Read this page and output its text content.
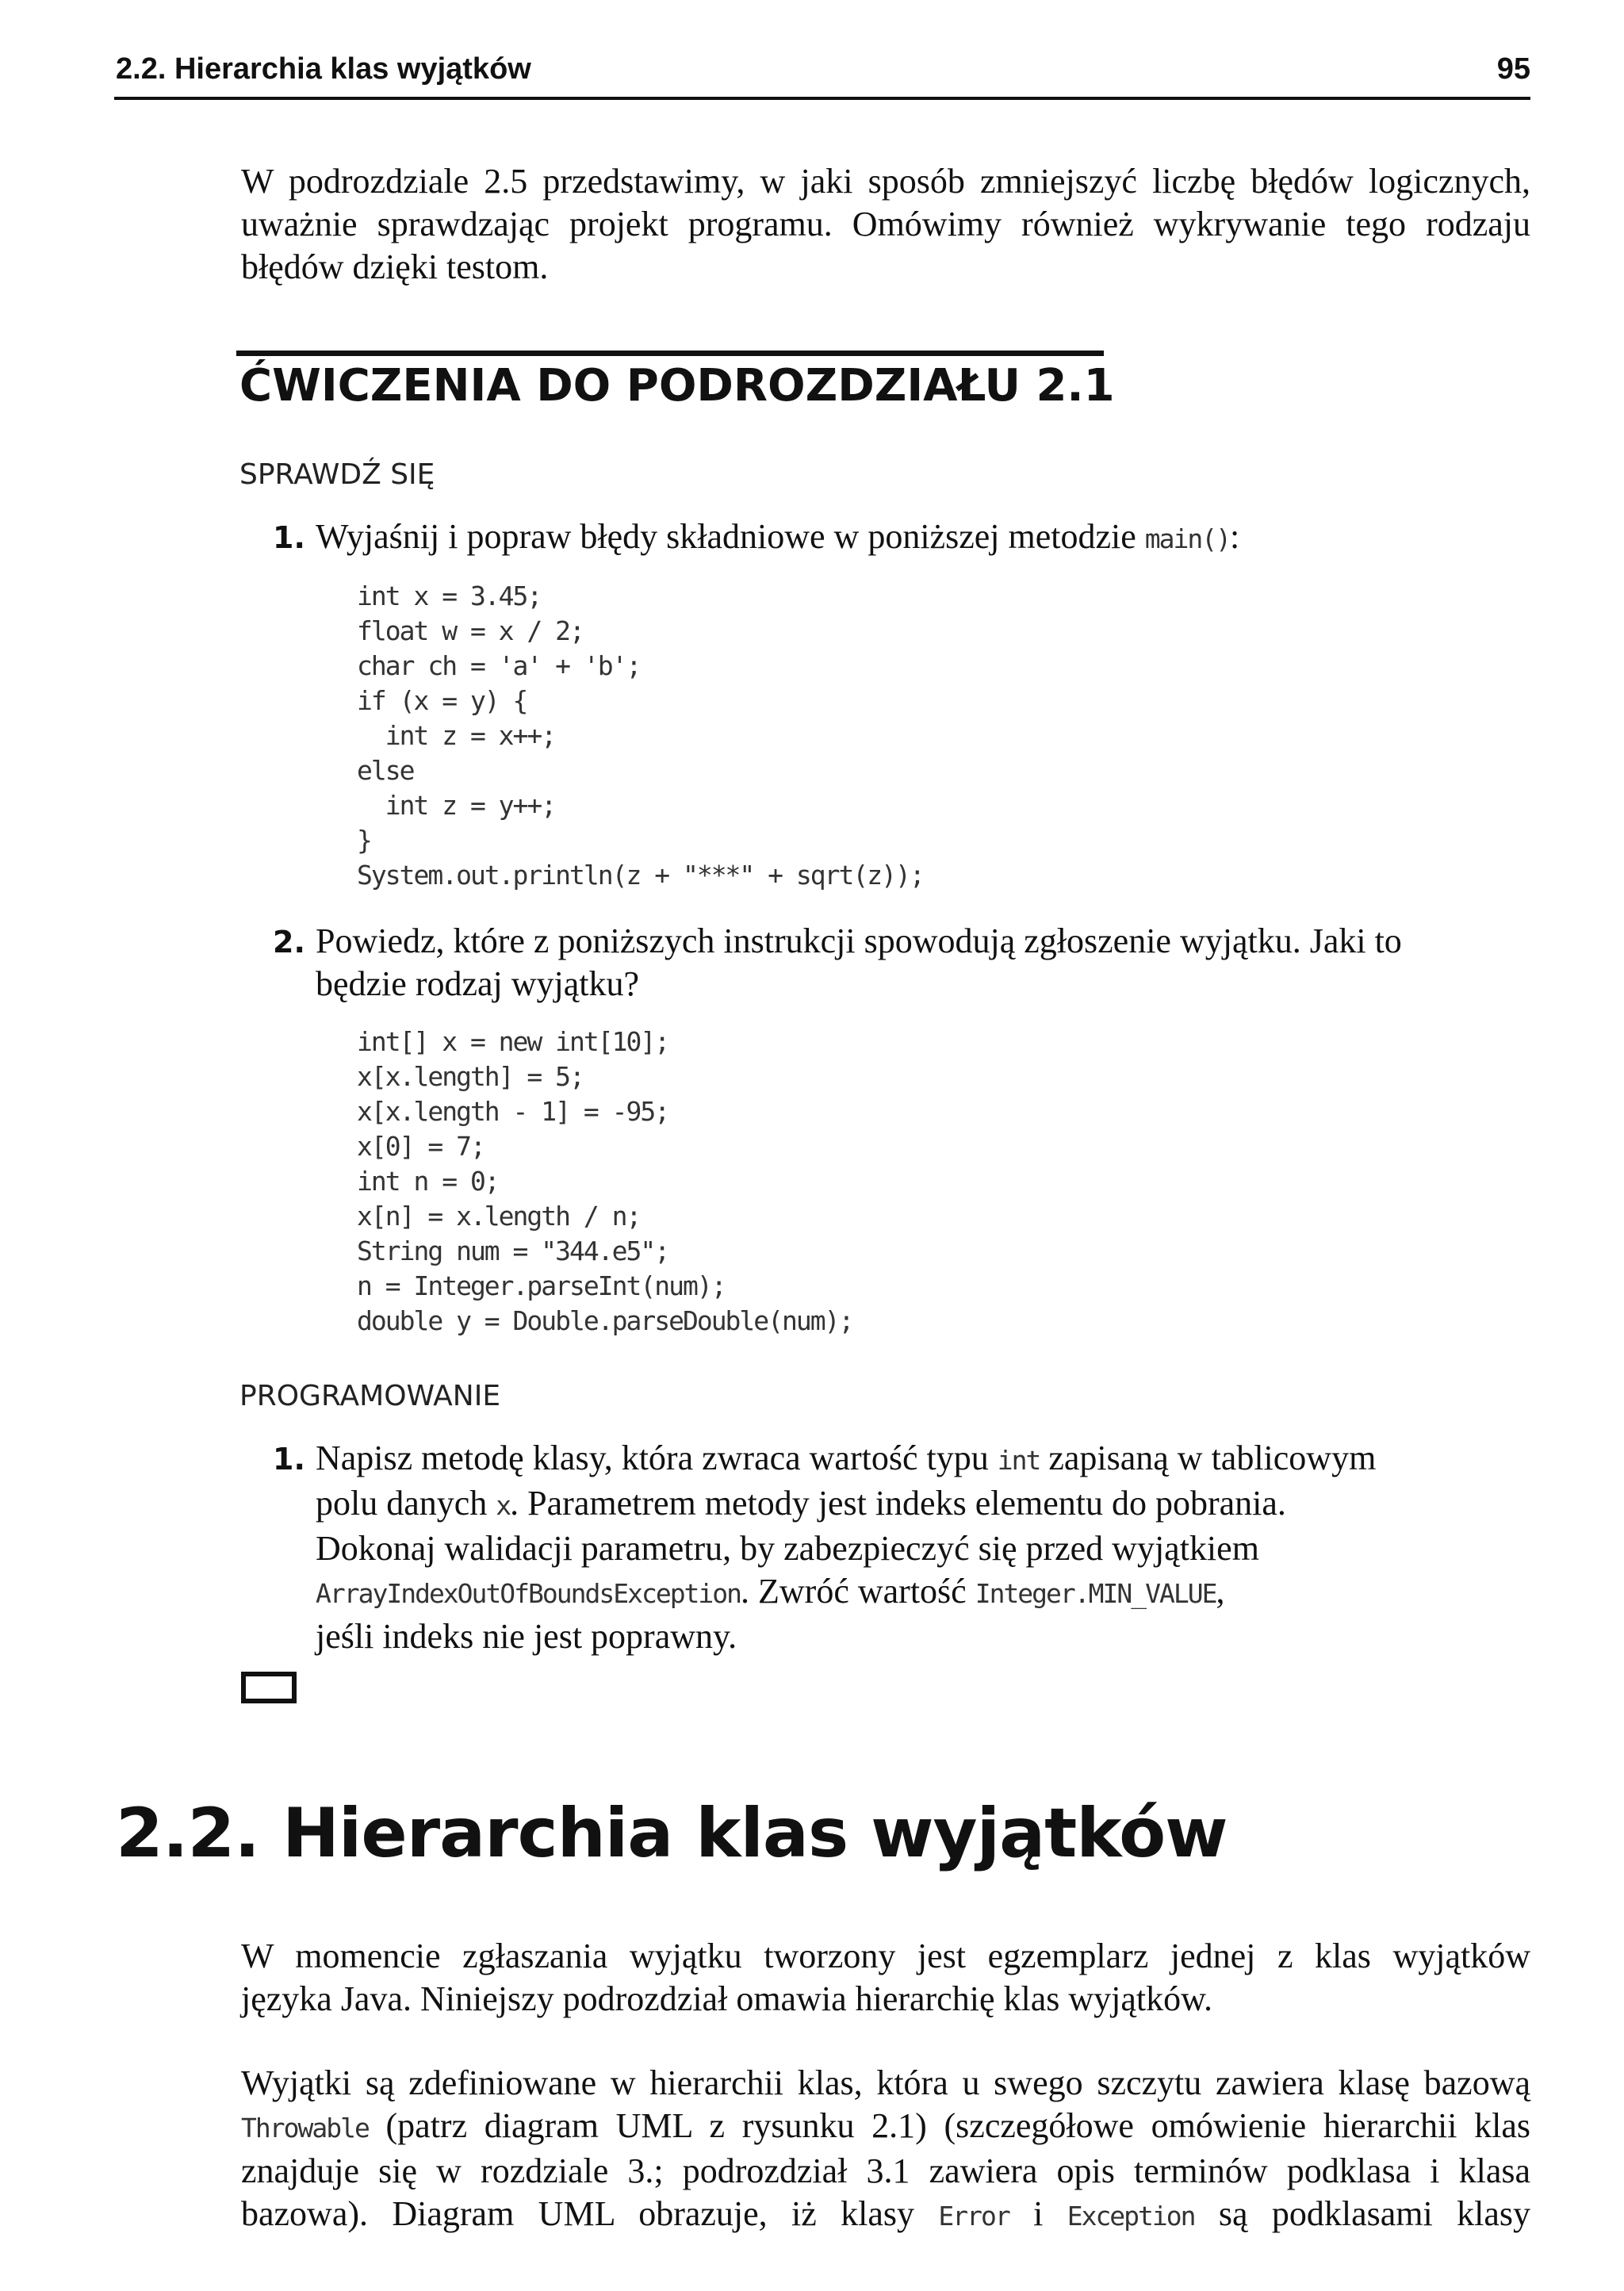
2.2. Hierarchia klas wyjątków	95
W podrozdziale 2.5 przedstawimy, w jaki sposób zmniejszyć liczbę błędów logicznych,
uważnie sprawdzając projekt programu. Omówimy również wykrywanie tego rodzaju
błędów dzięki testom.
ĆWICZENIA DO PODROZDZIAŁU 2.1
SPRAWDŹ SIĘ
1. Wyjaśnij i popraw błędy składniowe w poniższej metodzie main():
int x = 3.45;
float w = x / 2;
char ch = 'a' + 'b';
if (x = y) {
int z = x++;
else
int z = y++;
}
System.out.println(z + "***" + sqrt(z));
2. Powiedz, które z poniższych instrukcji spowodują zgłoszenie wyjątku. Jaki to
będzie rodzaj wyjątku?
int[] x = new int[10];
x[x.length] = 5;
x[x.length - 1] = -95;
x[0] = 7;
int n = 0;
x[n] = x.length / n;
String num = "344.e5";
n = Integer.parseInt(num);
double y = Double.parseDouble(num);
PROGRAMOWANIE
1. Napisz metodę klasy, która zwraca wartość typu int zapisaną w tablicowym
polu danych x. Parametrem metody jest indeks elementu do pobrania.
Dokonaj walidacji parametru, by zabezpieczyć się przed wyjątkiem
ArrayIndexOutOfBoundsException. Zwróć wartość Integer.MIN_VALUE,
jeśli indeks nie jest poprawny.
2.2. Hierarchia klas wyjątków
W momencie zgłaszania wyjątku tworzony jest egzemplarz jednej z klas wyjątków
języka Java. Niniejszy podrozdział omawia hierarchię klas wyjątków.
Wyjątki są zdefiniowane w hierarchii klas, która u swego szczytu zawiera klasę bazową
Throwable (patrz diagram UML z rysunku 2.1) (szczegółowe omówienie hierarchii klas
znajduje się w rozdziale 3.; podrozdział 3.1 zawiera opis terminów podklasa i klasa
bazowa). Diagram UML obrazuje, iż klasy Error i Exception są podklasami klasy
